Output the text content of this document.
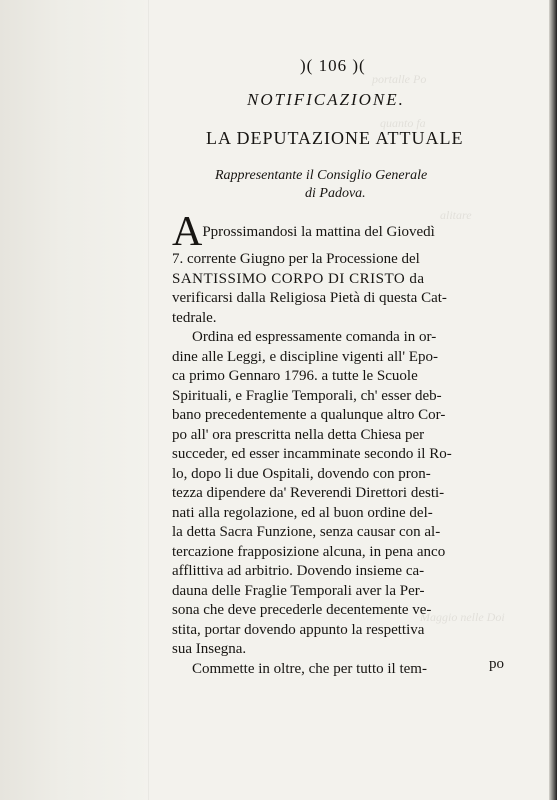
portalle Po
quanto fa
alitare
Maggio nelle Doi
)( 106 )(
NOTIFICAZIONE.
LA DEPUTAZIONE ATTUALE
Rappresentante il Consiglio Generale
di Padova.
APprossimandosi la mattina del Giovedì
7. corrente Giugno per la Processione del
SANTISSIMO CORPO DI CRISTO da
verificarsi dalla Religiosa Pietà di questa Cat-
tedrale.
Ordina ed espressamente comanda in or-
dine alle Leggi, e discipline vigenti all' Epo-
ca primo Gennaro 1796. a tutte le Scuole
Spirituali, e Fraglie Temporali, ch' esser deb-
bano precedentemente a qualunque altro Cor-
po all' ora prescritta nella detta Chiesa per
succeder, ed esser incamminate secondo il Ro-
lo, dopo li due Ospitali, dovendo con pron-
tezza dipendere da' Reverendi Direttori desti-
nati alla regolazione, ed al buon ordine del-
la detta Sacra Funzione, senza causar con al-
tercazione frapposizione alcuna, in pena anco
afflittiva ad arbitrio. Dovendo insieme ca-
dauna delle Fraglie Temporali aver la Per-
sona che deve precederle decentemente ve-
stita, portar dovendo appunto la respettiva
sua Insegna.
Commette in oltre, che per tutto il tem-	po
